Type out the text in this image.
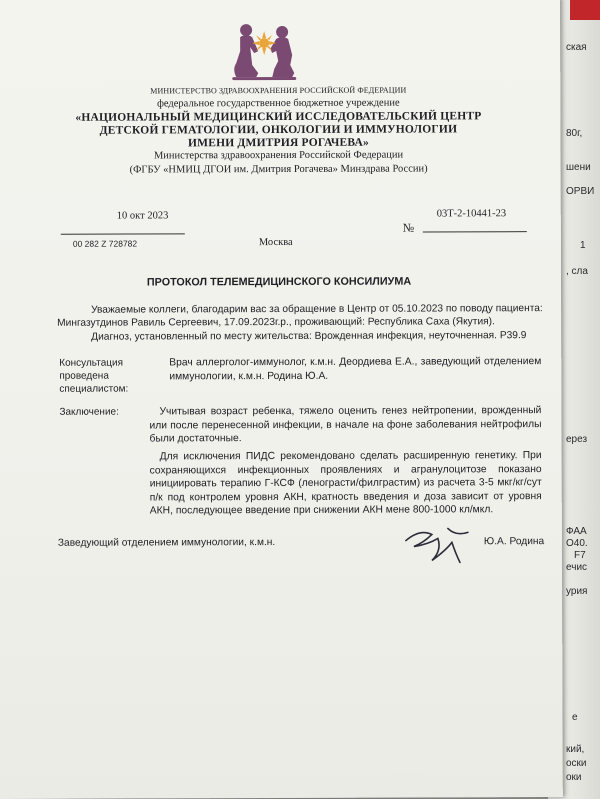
ская
80г,
шени
ОРВИ
1
, сла
ерез
ФАА
О40.
F7
ечис
урия
е
кий,
оски
оки
МИНИСТЕРСТВО ЗДРАВООХРАНЕНИЯ РОССИЙСКОЙ ФЕДЕРАЦИИ
федеральное государственное бюджетное учреждение
«НАЦИОНАЛЬНЫЙ МЕДИЦИНСКИЙ ИССЛЕДОВАТЕЛЬСКИЙ ЦЕНТР
ДЕТСКОЙ ГЕМАТОЛОГИИ, ОНКОЛОГИИ И ИММУНОЛОГИИ
ИМЕНИ ДМИТРИЯ РОГАЧЕВА»
Министерства здравоохранения Российской Федерации
(ФГБУ «НМИЦ ДГОИ им. Дмитрия Рогачева» Минздрава России)
10 окт 2023
00 282 Z 728782	Москва
03Т-2-10441-23
№
ПРОТОКОЛ ТЕЛЕМЕДИЦИНСКОГО КОНСИЛИУМА
Уважаемые коллеги, благодарим вас за обращение в Центр от 05.10.2023 по поводу пациента:
Мингазутдинов Равиль Сергеевич, 17.09.2023г.р., проживающий: Республика Саха (Якутия).
Диагноз, установленный по месту жительства: Врожденная инфекция, неуточненная. Р39.9
Консультация
проведена
специалистом:
Врач аллерголог-иммунолог, к.м.н. Деордиева Е.А., заведующий отделением иммунологии, к.м.н. Родина Ю.А.
Заключение:	Учитывая возраст ребенка, тяжело оценить генез нейтропении, врожденный или после перенесенной инфекции, в начале на фоне заболевания нейтрофилы были достаточные.
Для исключения ПИДС рекомендовано сделать расширенную генетику. При сохраняющихся инфекционных проявлениях и агранулоцитозе показано инициировать терапию Г-КСФ (ленограсти/филграстим) из расчета 3-5 мкг/кг/сут п/к под контролем уровня АКН, кратность введения и доза зависит от уровня АКН, последующее введение при снижении АКН мене 800-1000 кл/мкл.
Заведующий отделением иммунологии, к.м.н.	Ю.А. Родина
